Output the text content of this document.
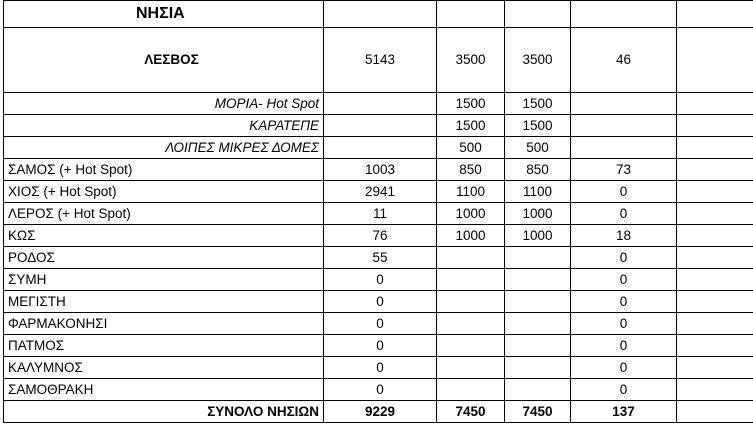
ΝΗΣΙΑ					
ΛΕΣΒΟΣ	5143	3500	3500	46	
ΜΟΡΙΑ- Hot Spot		1500	1500		
ΚΑΡΑΤΕΠΕ		1500	1500		
ΛΟΙΠΕΣ ΜΙΚΡΕΣ ΔΟΜΕΣ		500	500		
ΣΑΜΟΣ (+ Hot Spot)	1003	850	850	73	
ΧΙΟΣ (+ Hot Spot)	2941	1100	1100	0	
ΛΕΡΟΣ (+ Hot Spot)	11	1000	1000	0	
ΚΩΣ	76	1000	1000	18	
ΡΟΔΟΣ	55			0	
ΣΥΜΗ	0			0	
ΜΕΓΙΣΤΗ	0			0	
ΦΑΡΜΑΚΟΝΗΣΙ	0			0	
ΠΑΤΜΟΣ	0			0	
ΚΑΛΥΜΝΟΣ	0			0	
ΣΑΜΟΘΡΑΚΗ	0			0	
ΣΥΝΟΛΟ ΝΗΣΙΩΝ	9229	7450	7450	137	
